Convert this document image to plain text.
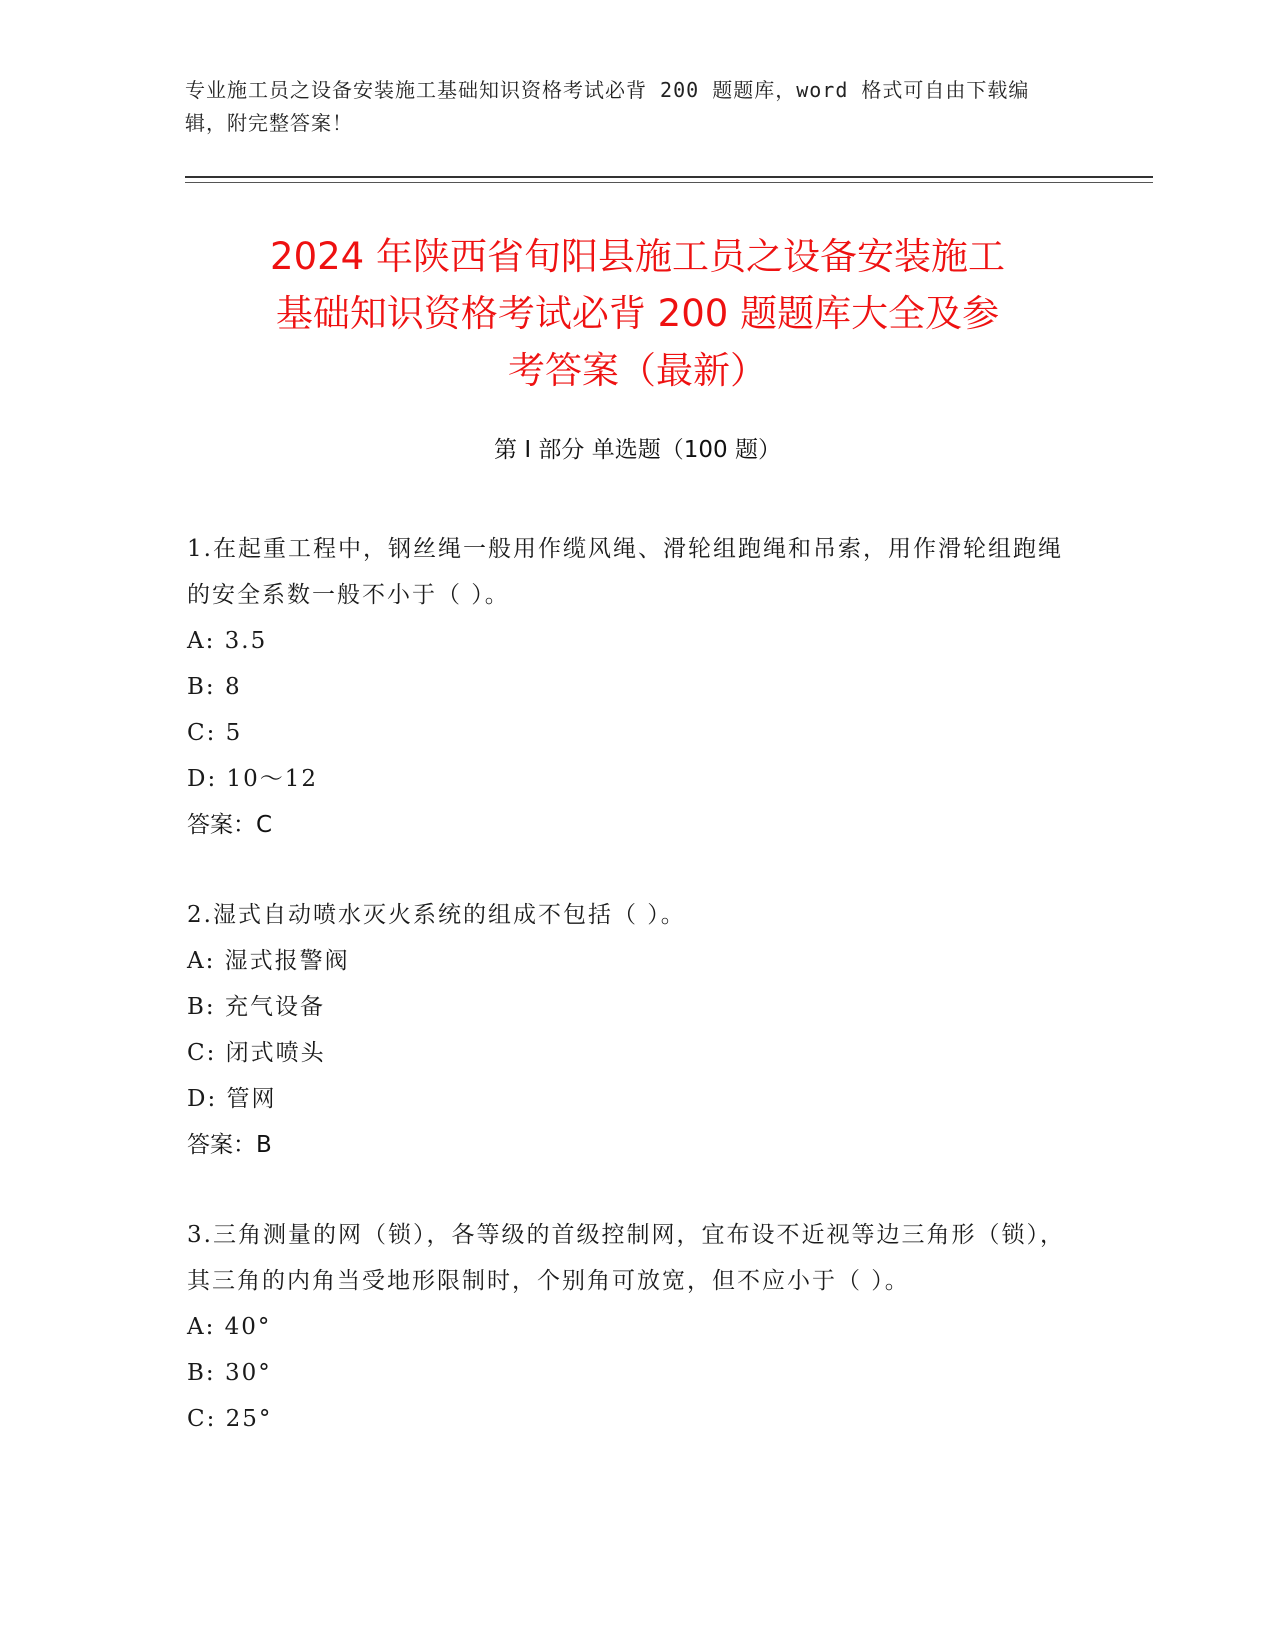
专业施工员之设备安装施工基础知识资格考试必背 200 题题库，word 格式可自由下载编辑，附完整答案！
2024 年陕西省旬阳县施工员之设备安装施工
基础知识资格考试必背 200 题题库大全及参
考答案（最新）
第 I 部分 单选题（100 题）
1.在起重工程中，钢丝绳一般用作缆风绳、滑轮组跑绳和吊索，用作滑轮组跑绳的安全系数一般不小于（ ）。
A: 3.5
B: 8
C: 5
D: 10～12
答案：C
2.湿式自动喷水灭火系统的组成不包括（ ）。
A: 湿式报警阀
B: 充气设备
C: 闭式喷头
D: 管网
答案：B
3.三角测量的网（锁），各等级的首级控制网，宜布设不近视等边三角形（锁），其三角的内角当受地形限制时，个别角可放宽，但不应小于（ ）。
A: 40°
B: 30°
C: 25°
